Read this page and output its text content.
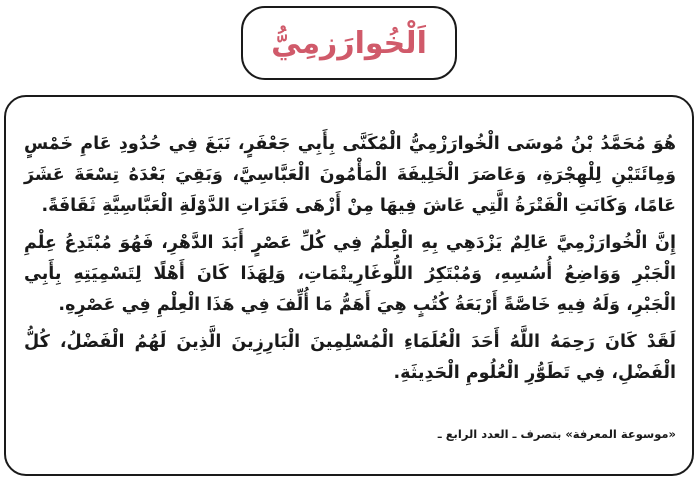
اَلْخُوارَزمِيُّ

هُوَ مُحَمَّدُ بْنُ مُوسَى الْخُوارَزْمِيُّ الْمُكَنَّى بِأَبِي جَعْفَرٍ، نَبَغَ فِي حُدُودِ عَامِ خَمْسٍ وَمِائَتَيْنِ لِلْهِجْرَةِ، وَعَاصَرَ الْخَلِيفَةَ الْمَأْمُونَ الْعَبَّاسِيَّ، وَبَقِيَ بَعْدَهُ تِسْعَةَ عَشَرَ عَامًا، وَكَانَتِ الْفَتْرَةُ الَّتِي عَاشَ فِيهَا مِنْ أَزْهَى فَتَرَاتِ الدَّوْلَةِ الْعَبَّاسِيَّةِ ثَقَافَةً.

إِنَّ الْخُوارَزْمِيَّ عَالِمٌ يَزْدَهِي بِهِ الْعِلْمُ فِي كُلِّ عَصْرٍ أَبَدَ الدَّهْرِ، فَهُوَ مُبْتَدِعُ عِلْمِ الْجَبْرِ وَوَاضِعُ أُسُسِهِ، وَمُبْتَكِرُ اللُّوغَارِيتْمَاتِ، وَلِهَذَا كَانَ أَهْلًا لِتَسْمِيَتِهِ بِأَبِي الْجَبْرِ، وَلَهُ فِيهِ خَاصَّةً أَرْبَعَةُ كُتُبٍ هِيَ أَهَمُّ مَا أُلِّفَ فِي هَذَا الْعِلْمِ فِي عَصْرِهِ.

لَقَدْ كَانَ رَحِمَهُ اللَّهُ أَحَدَ الْعُلَمَاءِ الْمُسْلِمِينَ الْبَارِزِينَ الَّذِينَ لَهُمُ الْفَضْلُ، كُلُّ الْفَضْلِ، فِي تَطَوُّرِ الْعُلُومِ الْحَدِيثَةِ.

«موسوعة المعرفة» بتصرف ـ العدد الرابع ـ
